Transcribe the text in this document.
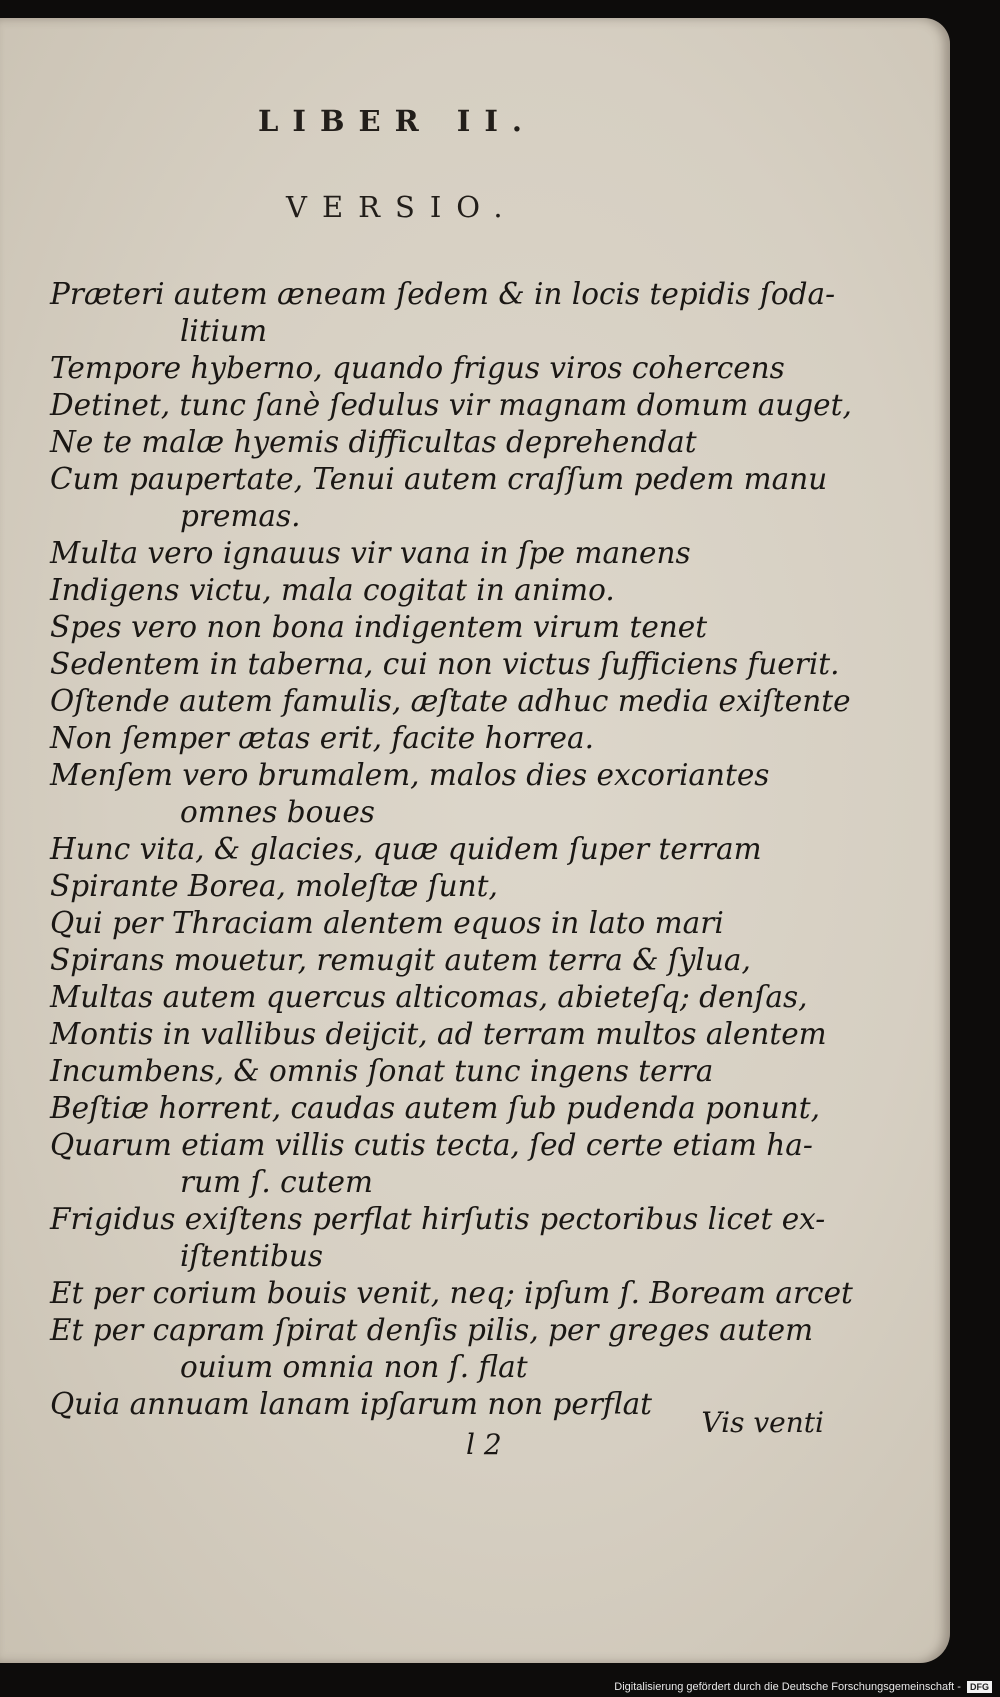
LIBER II.
VERSIO.
Præteri autem æneam ſedem & in locis tepidis ſoda-
litium
Tempore hyberno, quando frigus viros cohercens
Detinet, tunc ſanè ſedulus vir magnam domum auget,
Ne te malæ hyemis difficultas deprehendat
Cum paupertate, Tenui autem craſſum pedem manu
premas.
Multa vero ignauus vir vana in ſpe manens
Indigens victu, mala cogitat in animo.
Spes vero non bona indigentem virum tenet
Sedentem in taberna, cui non victus ſufficiens fuerit.
Oſtende autem famulis, æſtate adhuc media exiſtente
Non ſemper ætas erit, facite horrea.
Menſem vero brumalem, malos dies excoriantes
omnes boues
Hunc vita, & glacies, quæ quidem ſuper terram
Spirante Borea, moleſtæ ſunt,
Qui per Thraciam alentem equos in lato mari
Spirans mouetur, remugit autem terra & ſylua,
Multas autem quercus alticomas, abieteſq; denſas,
Montis in vallibus deijcit, ad terram multos alentem
Incumbens, & omnis ſonat tunc ingens terra
Beſtiæ horrent, caudas autem ſub pudenda ponunt,
Quarum etiam villis cutis tecta, ſed certe etiam ha-
rum ſ. cutem
Frigidus exiſtens perflat hirſutis pectoribus licet ex-
iſtentibus
Et per corium bouis venit, neq; ipſum ſ. Boream arcet
Et per capram ſpirat denſis pilis, per greges autem
ouium omnia non ſ. flat
Quia annuam lanam ipſarum non perflat
l 2
Vis venti
Digitalisierung gefördert durch die Deutsche Forschungsgemeinschaft - DFG
